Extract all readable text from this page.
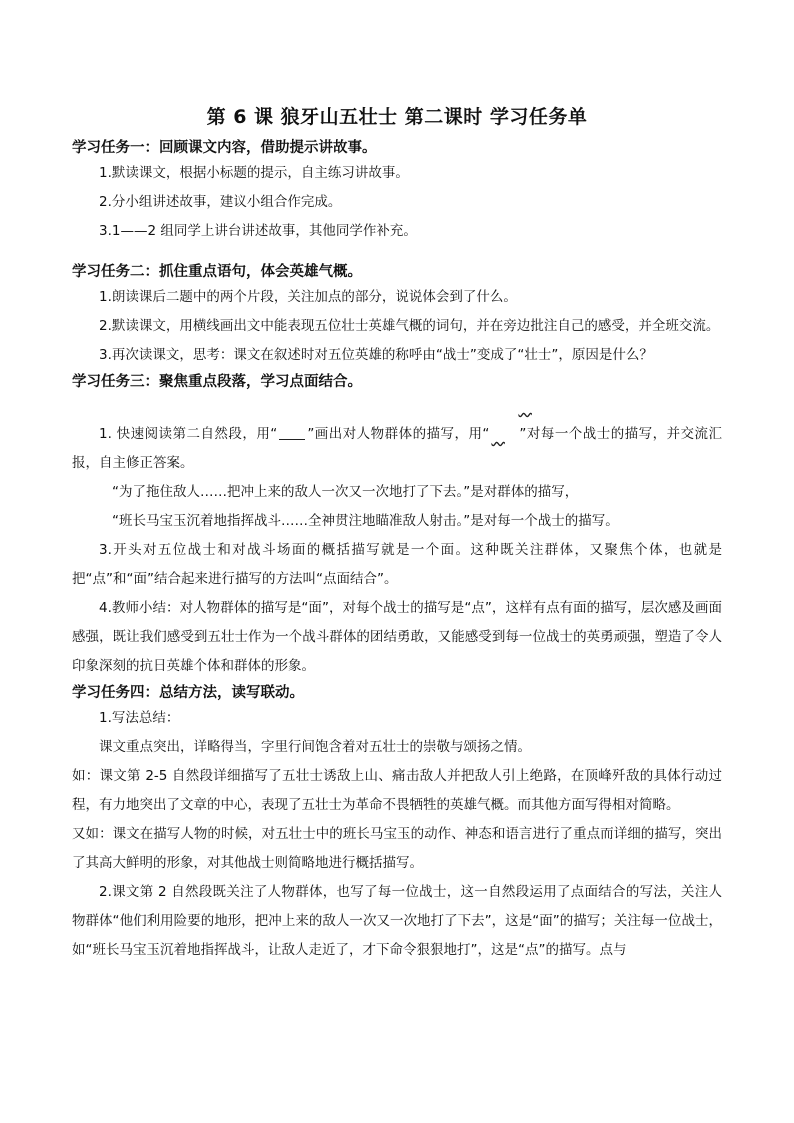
第 6 课 狼牙山五壮士 第二课时 学习任务单

学习任务一：回顾课文内容，借助提示讲故事。

1.默读课文，根据小标题的提示，自主练习讲故事。

2.分小组讲述故事，建议小组合作完成。

3.1——2 组同学上讲台讲述故事，其他同学作补充。

学习任务二：抓住重点语句，体会英雄气概。

1.朗读课后二题中的两个片段，关注加点的部分，说说体会到了什么。

2.默读课文，用横线画出文中能表现五位壮士英雄气概的词句，并在旁边批注自己的感受，并全班交流。

3.再次读课文，思考：课文在叙述时对五位英雄的称呼由“战士”变成了“壮士”，原因是什么？

学习任务三：聚焦重点段落，学习点面结合。

1. 快速阅读第二自然段，用“ ”画出对人物群体的描写，用“   ”对每一个战士的描写，并交流汇报，自主修正答案。

“为了拖住敌人……把冲上来的敌人一次又一次地打了下去。”是对群体的描写，

“班长马宝玉沉着地指挥战斗……全神贯注地瞄准敌人射击。”是对每一个战士的描写。

3.开头对五位战士和对战斗场面的概括描写就是一个面。这种既关注群体，又聚焦个体，也就是把“点”和“面”结合起来进行描写的方法叫“点面结合”。

4.教师小结：对人物群体的描写是“面”，对每个战士的描写是“点”，这样有点有面的描写，层次感及画面感强，既让我们感受到五壮士作为一个战斗群体的团结勇敢，又能感受到每一位战士的英勇顽强，塑造了令人印象深刻的抗日英雄个体和群体的形象。

学习任务四：总结方法，读写联动。

1.写法总结：

课文重点突出，详略得当，字里行间饱含着对五壮士的崇敬与颂扬之情。

如：课文第 2-5 自然段详细描写了五壮士诱敌上山、痛击敌人并把敌人引上绝路，在顶峰歼敌的具体行动过程，有力地突出了文章的中心，表现了五壮士为革命不畏牺牲的英雄气概。而其他方面写得相对简略。

又如：课文在描写人物的时候，对五壮士中的班长马宝玉的动作、神态和语言进行了重点而详细的描写，突出了其高大鲜明的形象，对其他战士则简略地进行概括描写。

2.课文第 2 自然段既关注了人物群体，也写了每一位战士，这一自然段运用了点面结合的写法，关注人物群体“他们利用险要的地形，把冲上来的敌人一次又一次地打了下去”，这是“面”的描写；关注每一位战士，如“班长马宝玉沉着地指挥战斗，让敌人走近了，才下命令狠狠地打”，这是“点”的描写。点与
